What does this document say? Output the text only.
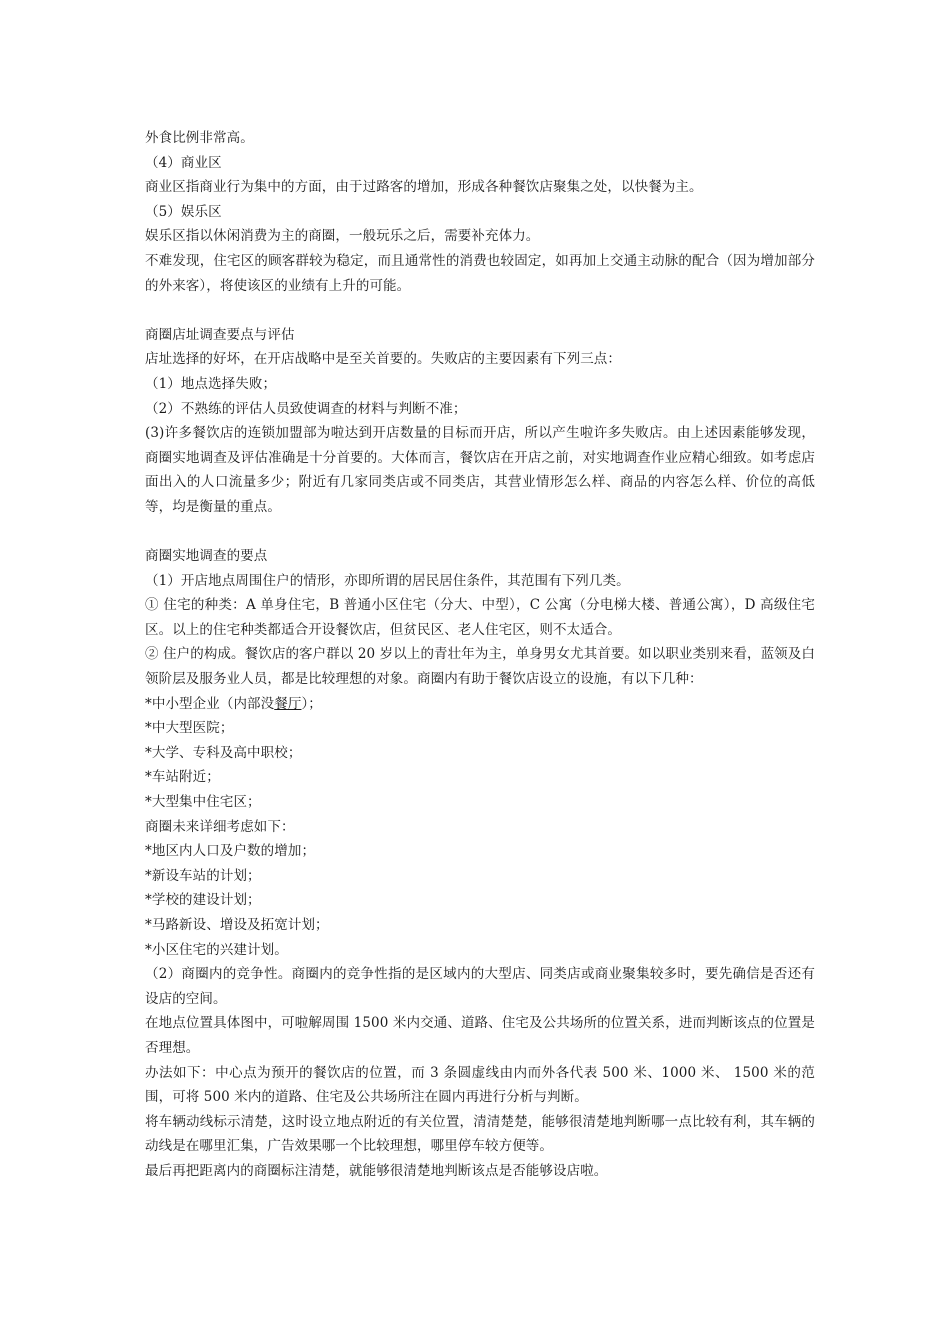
外食比例非常高。

（4）商业区

商业区指商业行为集中的方面，由于过路客的增加，形成各种餐饮店聚集之处，以快餐为主。

（5）娱乐区

娱乐区指以休闲消费为主的商圈，一般玩乐之后，需要补充体力。

不难发现，住宅区的顾客群较为稳定，而且通常性的消费也较固定，如再加上交通主动脉的配合（因为增加部分的外来客），将使该区的业绩有上升的可能。

商圈店址调查要点与评估

店址选择的好坏，在开店战略中是至关首要的。失败店的主要因素有下列三点：

（1）地点选择失败；

（2）不熟练的评估人员致使调查的材料与判断不准；

(3)许多餐饮店的连锁加盟部为啦达到开店数量的目标而开店，所以产生啦许多失败店。由上述因素能够发现，商圈实地调查及评估准确是十分首要的。大体而言，餐饮店在开店之前，对实地调查作业应精心细致。如考虑店面出入的人口流量多少；附近有几家同类店或不同类店，其营业情形怎么样、商品的内容怎么样、价位的高低等，均是衡量的重点。

商圈实地调查的要点

（1）开店地点周围住户的情形，亦即所谓的居民居住条件，其范围有下列几类。

① 住宅的种类：A 单身住宅，B 普通小区住宅（分大、中型），C 公寓（分电梯大楼、普通公寓），D 高级住宅区。以上的住宅种类都适合开设餐饮店，但贫民区、老人住宅区，则不太适合。

② 住户的构成。餐饮店的客户群以 20 岁以上的青壮年为主，单身男女尤其首要。如以职业类别来看，蓝领及白领阶层及服务业人员，都是比较理想的对象。商圈内有助于餐饮店设立的设施，有以下几种：

*中小型企业（内部没餐厅）；

*中大型医院；

*大学、专科及高中职校；

*车站附近；

*大型集中住宅区；

商圈未来详细考虑如下：

*地区内人口及户数的增加；

*新设车站的计划；

*学校的建设计划；

*马路新设、增设及拓宽计划；

*小区住宅的兴建计划。

（2）商圈内的竞争性。商圈内的竞争性指的是区域内的大型店、同类店或商业聚集较多时，要先确信是否还有设店的空间。

在地点位置具体图中，可啦解周围 1500 米内交通、道路、住宅及公共场所的位置关系，进而判断该点的位置是否理想。

办法如下：中心点为预开的餐饮店的位置，而 3 条圆虚线由内而外各代表 500 米、1000 米、 1500 米的范围，可将 500 米内的道路、住宅及公共场所注在圆内再进行分析与判断。

将车辆动线标示清楚，这时设立地点附近的有关位置，清清楚楚，能够很清楚地判断哪一点比较有利，其车辆的动线是在哪里汇集，广告效果哪一个比较理想，哪里停车较方便等。

最后再把距离内的商圈标注清楚，就能够很清楚地判断该点是否能够设店啦。
